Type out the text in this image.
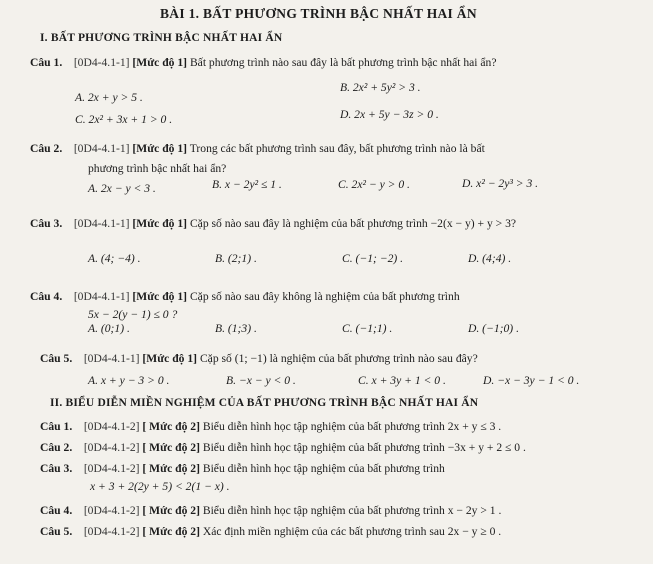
BÀI 1. BẤT PHƯƠNG TRÌNH BẬC NHẤT HAI ẨN
I. BẤT PHƯƠNG TRÌNH BẬC NHẤT HAI ẨN
Câu 1. [0D4-4.1-1] [Mức độ 1] Bất phương trình nào sau đây là bất phương trình bậc nhất hai ẩn?
A. 2x + y > 5 .
B. 2x² + 5y² > 3 .
C. 2x² + 3x + 1 > 0 .	D. 2x + 5y − 3z > 0 .
Câu 2. [0D4-4.1-1] [Mức độ 1] Trong các bất phương trình sau đây, bất phương trình nào là bất
phương trình bậc nhất hai ẩn?
A. 2x − y < 3 .	B. x − 2y² ≤ 1 .	C. 2x² − y > 0 .	D. x² − 2y³ > 3 .
Câu 3. [0D4-4.1-1] [Mức độ 1] Cặp số nào sau đây là nghiệm của bất phương trình −2(x − y) + y > 3?
A. (4; −4) .	B. (2;1) .	C. (−1; −2) .	D. (4;4) .
Câu 4. [0D4-4.1-1] [Mức độ 1] Cặp số nào sau đây không là nghiệm của bất phương trình
5x − 2(y − 1) ≤ 0 ?
A. (0;1) .	B. (1;3) .	C. (−1;1) .	D. (−1;0) .
Câu 5. [0D4-4.1-1] [Mức độ 1] Cặp số (1; −1) là nghiệm của bất phương trình nào sau đây?
A. x + y − 3 > 0 .	B. −x − y < 0 .	C. x + 3y + 1 < 0 .	D. −x − 3y − 1 < 0 .
II. BIỂU DIỄN MIỀN NGHIỆM CỦA BẤT PHƯƠNG TRÌNH BẬC NHẤT HAI ẨN
Câu 1. [0D4-4.1-2] [ Mức độ 2] Biểu diễn hình học tập nghiệm của bất phương trình 2x + y ≤ 3 .
Câu 2. [0D4-4.1-2] [ Mức độ 2] Biểu diễn hình học tập nghiệm của bất phương trình −3x + y + 2 ≤ 0 .
Câu 3. [0D4-4.1-2] [ Mức độ 2] Biểu diễn hình học tập nghiệm của bất phương trình
x + 3 + 2(2y + 5) < 2(1 − x) .
Câu 4. [0D4-4.1-2] [ Mức độ 2] Biểu diễn hình học tập nghiệm của bất phương trình x − 2y > 1 .
Câu 5. [0D4-4.1-2] [ Mức độ 2] Xác định miền nghiệm của các bất phương trình sau 2x − y ≥ 0 .
